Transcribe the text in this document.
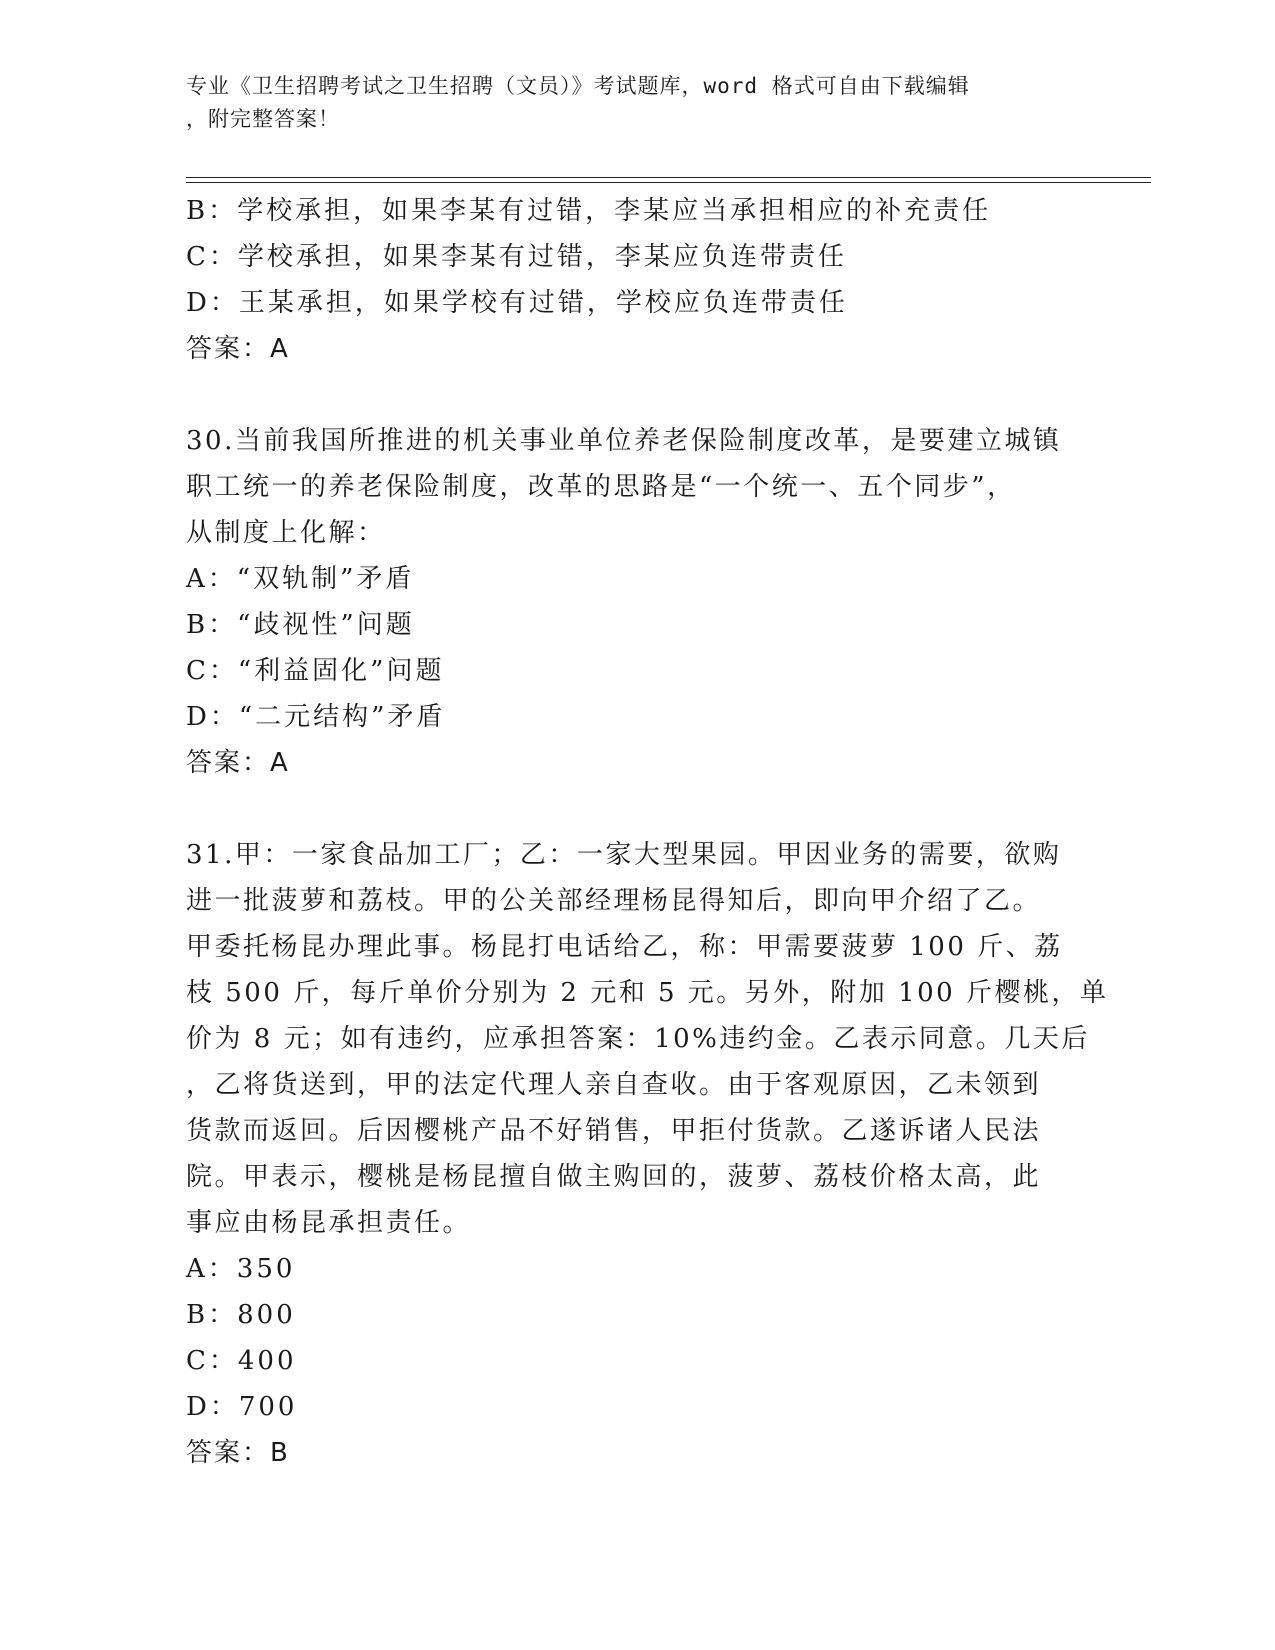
专业《卫生招聘考试之卫生招聘（文员）》考试题库，word 格式可自由下载编辑
，附完整答案！
B：学校承担，如果李某有过错，李某应当承担相应的补充责任
C：学校承担，如果李某有过错，李某应负连带责任
D：王某承担，如果学校有过错，学校应负连带责任
答案：A
30.当前我国所推进的机关事业单位养老保险制度改革，是要建立城镇
职工统一的养老保险制度，改革的思路是“一个统一、五个同步”，
从制度上化解：
A：“双轨制”矛盾
B：“歧视性”问题
C：“利益固化”问题
D：“二元结构”矛盾
答案：A
31.甲：一家食品加工厂；乙：一家大型果园。甲因业务的需要，欲购
进一批菠萝和荔枝。甲的公关部经理杨昆得知后，即向甲介绍了乙。
甲委托杨昆办理此事。杨昆打电话给乙，称：甲需要菠萝 100 斤、荔
枝 500 斤，每斤单价分别为 2 元和 5 元。另外，附加 100 斤樱桃，单
价为 8 元；如有违约，应承担答案：10%违约金。乙表示同意。几天后
，乙将货送到，甲的法定代理人亲自查收。由于客观原因，乙未领到
货款而返回。后因樱桃产品不好销售，甲拒付货款。乙遂诉诸人民法
院。甲表示，樱桃是杨昆擅自做主购回的，菠萝、荔枝价格太高，此
事应由杨昆承担责任。
A：350
B：800
C：400
D：700
答案：B
